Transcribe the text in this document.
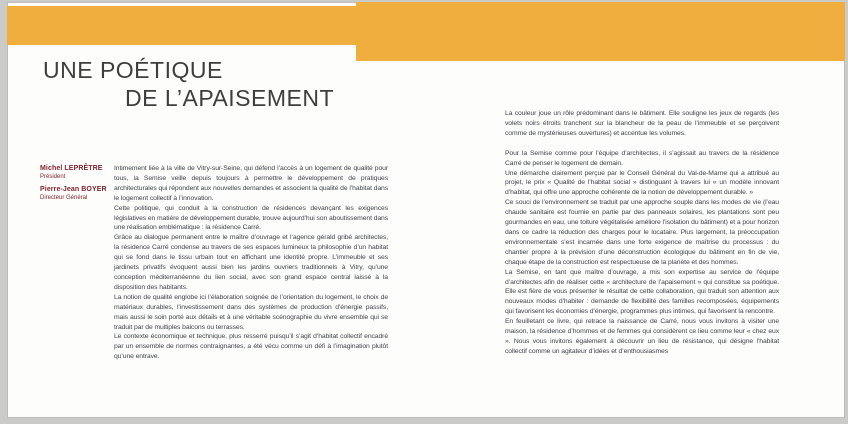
UNE POÉTIQUE
DE L’APAISEMENT
Michel LEPRÊTRE
Président
Pierre-Jean BOYER
Directeur Général

Intimement liée à la ville de Vitry-sur-Seine, qui défend l’accès à un logement de qualité pour tous, la Semise veille depuis toujours à permettre le développement de pratiques architecturales qui répondent aux nouvelles demandes et associent la qualité de l’habitat dans le logement collectif à l’innovation.

Cette politique, qui conduit à la construction de résidences devançant les exigences législatives en matière de développement durable, trouve aujourd’hui son aboutissement dans une réalisation emblématique : la résidence Carré.

Grâce au dialogue permanent entre le maître d’ouvrage et l’agence gérald gribé architectes, la résidence Carré condense au travers de ses espaces lumineux la philosophie d’un habitat qui se fond dans le tissu urbain tout en affichant une identité propre. L’immeuble et ses jardinets privatifs évoquent aussi bien les jardins ouvriers traditionnels à Vitry, qu’une conception méditerranéenne du lien social, avec son grand espace central laissé à la disposition des habitants.

La notion de qualité englobe ici l’élaboration soignée de l’orientation du logement, le choix de matériaux durables, l’investissement dans des systèmes de production d’énergie passifs, mais aussi le soin porté aux détails et à une véritable scénographie du vivre ensemble qui se traduit par de multiples balcons ou terrasses.

Le contexte économique et technique, plus resserré puisqu’il s’agit d’habitat collectif encadré par un ensemble de normes contraignantes, a été vécu comme un défi à l’imagination plutôt qu’une entrave.

La couleur joue un rôle prédominant dans le bâtiment. Elle souligne les jeux de regards (les volets noirs étroits tranchent sur la blancheur de la peau de l’immeuble et se perçoivent comme de mystérieuses ouvertures) et accentue les volumes.

Pour la Semise comme pour l’équipe d’architectes, il s’agissait au travers de la résidence Carré de penser le logement de demain.

Une démarche clairement perçue par le Conseil Général du Val-de-Marne qui a attribué au projet, le prix « Qualité de l’habitat social » distinguant à travers lui « un modèle innovant d’habitat, qui offre une approche cohérente de la notion de développement durable. »

Ce souci de l’environnement se traduit par une approche souple dans les modes de vie (l’eau chaude sanitaire est fournie en partie par des panneaux solaires, les plantations sont peu gourmandes en eau, une toiture végétalisée améliore l’isolation du bâtiment) et a pour horizon dans ce cadre la réduction des charges pour le locataire. Plus largement, la préoccupation environnementale s’est incarnée dans une forte exigence de maîtrise du processus : du chantier propre à la prévision d’une déconstruction écologique du bâtiment en fin de vie, chaque étape de la construction est respectueuse de la planète et des hommes.

La Semise, en tant que maître d’ouvrage, a mis son expertise au service de l’équipe d’architectes afin de réaliser cette « architecture de l’apaisement » qui constitue sa poétique. Elle est fière de vous présenter le résultat de cette collaboration, qui traduit son attention aux nouveaux modes d’habiter : demande de flexibilité des familles recomposées, équipements qui favorisent les économies d’énergie, programmes plus intimes, qui favorisent la rencontre.

En feuilletant ce livre, qui retrace la naissance de Carré, nous vous invitons à visiter une maison, la résidence d’hommes et de femmes qui considèrent ce lieu comme leur « chez eux ». Nous vous invitons également à découvrir un lieu de résistance, qui désigne l’habitat collectif comme un agitateur d’idées et d’enthousiasmes
